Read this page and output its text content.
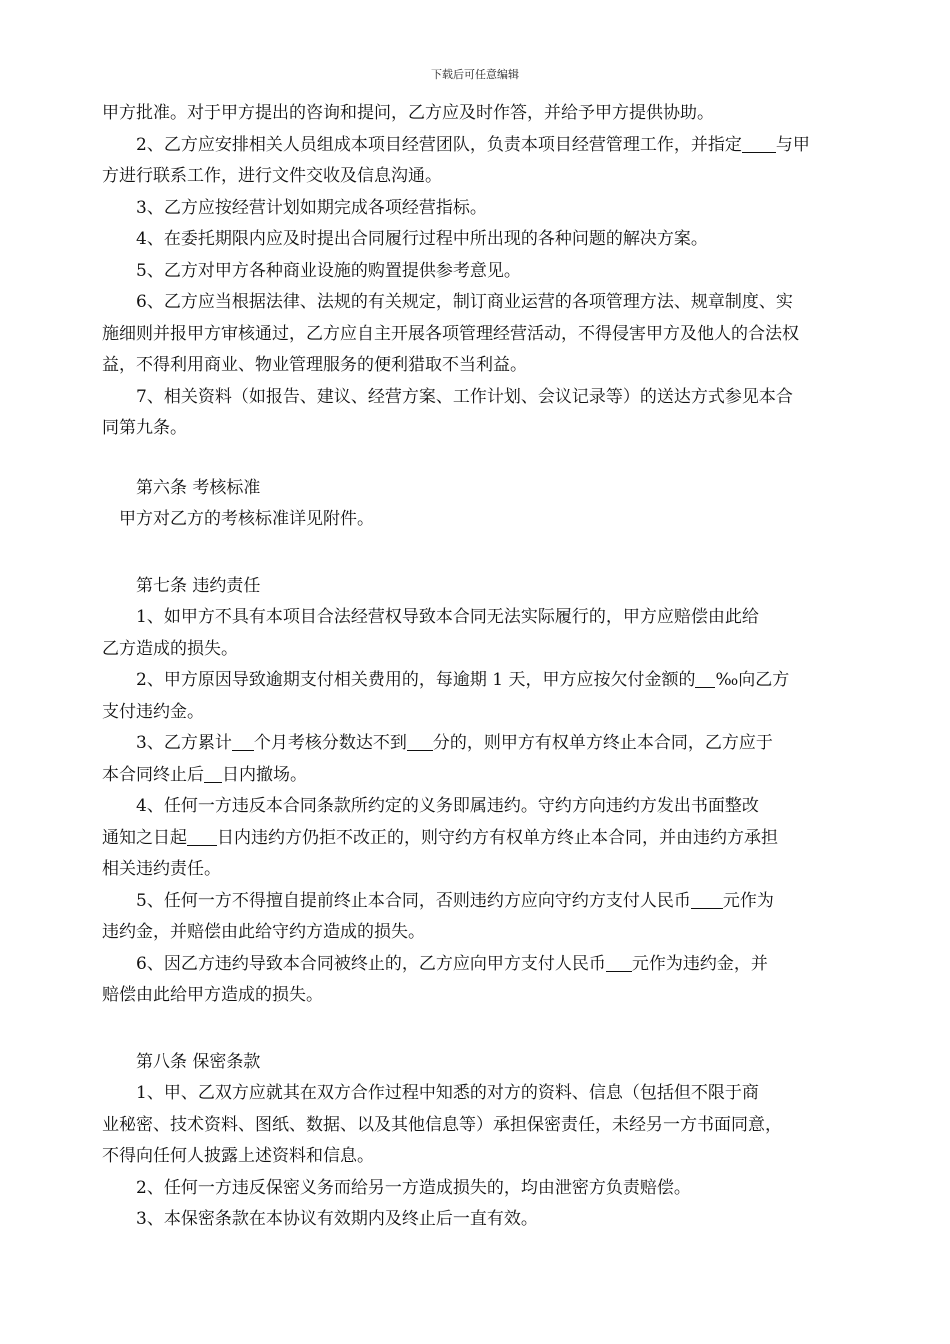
下载后可任意编辑

甲方批准。对于甲方提出的咨询和提问，乙方应及时作答，并给予甲方提供协助。

　　2、乙方应安排相关人员组成本项目经营团队，负责本项目经营管理工作，并指定 与甲

方进行联系工作，进行文件交收及信息沟通。

　　3、乙方应按经营计划如期完成各项经营指标。

　　4、在委托期限内应及时提出合同履行过程中所出现的各种问题的解决方案。

　　5、乙方对甲方各种商业设施的购置提供参考意见。

　　6、乙方应当根据法律、法规的有关规定，制订商业运营的各项管理方法、规章制度、实

施细则并报甲方审核通过，乙方应自主开展各项管理经营活动，不得侵害甲方及他人的合法权

益，不得利用商业、物业管理服务的便利猎取不当利益。

　　7、相关资料（如报告、建议、经营方案、工作计划、会议记录等）的送达方式参见本合

同第九条。

　　第六条 考核标准

　甲方对乙方的考核标准详见附件。

　　第七条 违约责任

　　1、如甲方不具有本项目合法经营权导致本合同无法实际履行的，甲方应赔偿由此给

乙方造成的损失。

　　2、甲方原因导致逾期支付相关费用的，每逾期 1 天，甲方应按欠付金额的 ‰向乙方

支付违约金。

　　3、乙方累计 个月考核分数达不到 分的，则甲方有权单方终止本合同，乙方应于

本合同终止后 日内撤场。

　　4、任何一方违反本合同条款所约定的义务即属违约。守约方向违约方发出书面整改

通知之日起 日内违约方仍拒不改正的，则守约方有权单方终止本合同，并由违约方承担

相关违约责任。

　　5、任何一方不得擅自提前终止本合同，否则违约方应向守约方支付人民币 元作为

违约金，并赔偿由此给守约方造成的损失。

　　6、因乙方违约导致本合同被终止的，乙方应向甲方支付人民币 元作为违约金，并

赔偿由此给甲方造成的损失。

　　第八条 保密条款

　　1、甲、乙双方应就其在双方合作过程中知悉的对方的资料、信息（包括但不限于商

业秘密、技术资料、图纸、数据、以及其他信息等）承担保密责任，未经另一方书面同意，

不得向任何人披露上述资料和信息。

　　2、任何一方违反保密义务而给另一方造成损失的，均由泄密方负责赔偿。

　　3、本保密条款在本协议有效期内及终止后一直有效。
